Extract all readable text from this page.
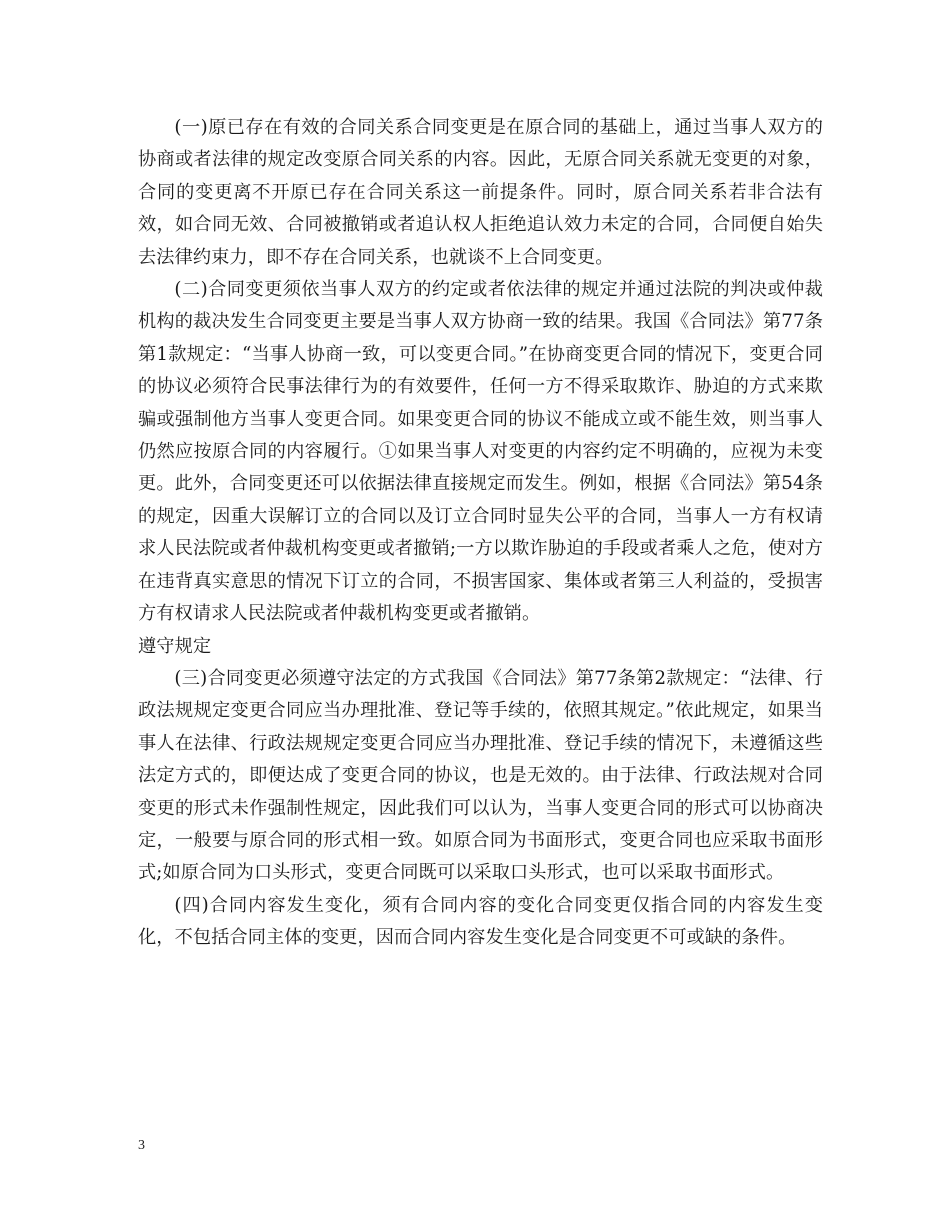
(一)原已存在有效的合同关系合同变更是在原合同的基础上，通过当事人双方的协商或者法律的规定改变原合同关系的内容。因此，无原合同关系就无变更的对象，合同的变更离不开原已存在合同关系这一前提条件。同时，原合同关系若非合法有效，如合同无效、合同被撤销或者追认权人拒绝追认效力未定的合同，合同便自始失去法律约束力，即不存在合同关系，也就谈不上合同变更。

(二)合同变更须依当事人双方的约定或者依法律的规定并通过法院的判决或仲裁机构的裁决发生合同变更主要是当事人双方协商一致的结果。我国《合同法》第77条第1款规定：“当事人协商一致，可以变更合同。”在协商变更合同的情况下，变更合同的协议必须符合民事法律行为的有效要件，任何一方不得采取欺诈、胁迫的方式来欺骗或强制他方当事人变更合同。如果变更合同的协议不能成立或不能生效，则当事人仍然应按原合同的内容履行。①如果当事人对变更的内容约定不明确的，应视为未变更。此外，合同变更还可以依据法律直接规定而发生。例如，根据《合同法》第54条的规定，因重大误解订立的合同以及订立合同时显失公平的合同，当事人一方有权请求人民法院或者仲裁机构变更或者撤销;一方以欺诈胁迫的手段或者乘人之危，使对方在违背真实意思的情况下订立的合同，不损害国家、集体或者第三人利益的，受损害方有权请求人民法院或者仲裁机构变更或者撤销。

遵守规定

(三)合同变更必须遵守法定的方式我国《合同法》第77条第2款规定：“法律、行政法规规定变更合同应当办理批准、登记等手续的，依照其规定。”依此规定，如果当事人在法律、行政法规规定变更合同应当办理批准、登记手续的情况下，未遵循这些法定方式的，即便达成了变更合同的协议，也是无效的。由于法律、行政法规对合同变更的形式未作强制性规定，因此我们可以认为，当事人变更合同的形式可以协商决定，一般要与原合同的形式相一致。如原合同为书面形式，变更合同也应采取书面形式;如原合同为口头形式，变更合同既可以采取口头形式，也可以采取书面形式。

(四)合同内容发生变化，须有合同内容的变化合同变更仅指合同的内容发生变化，不包括合同主体的变更，因而合同内容发生变化是合同变更不可或缺的条件。

3
